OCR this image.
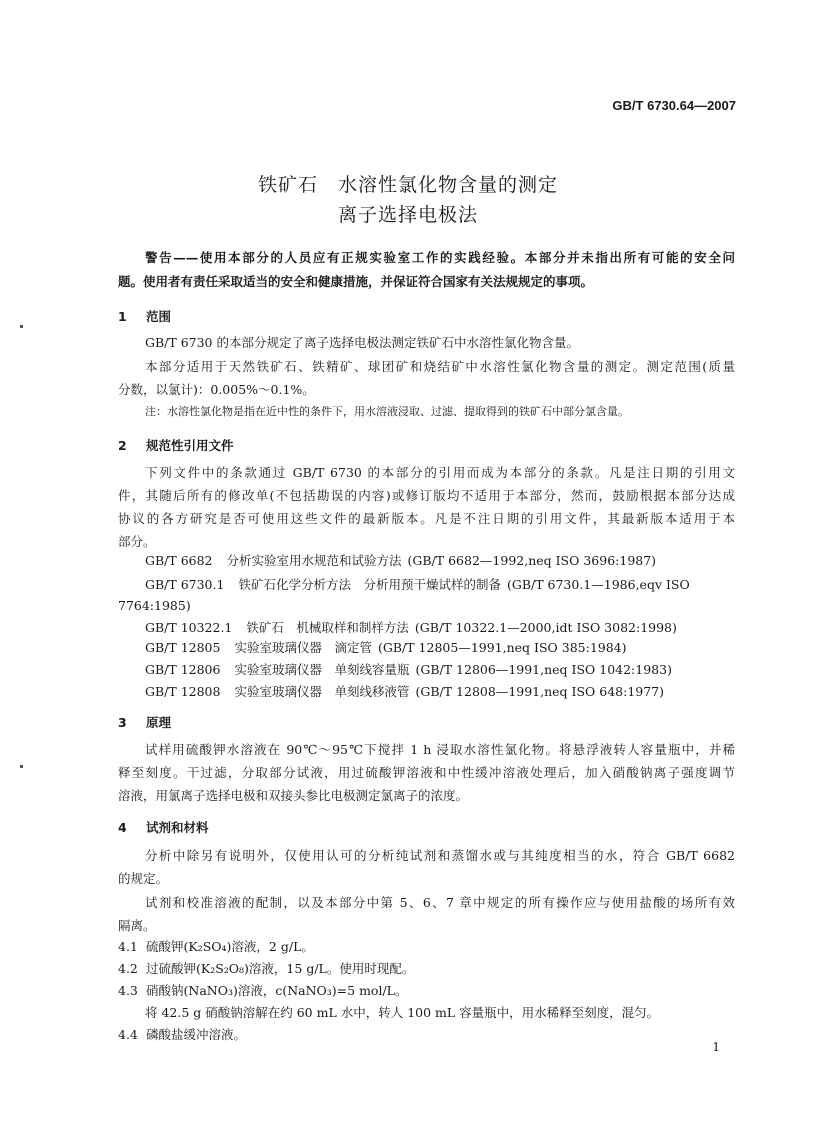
GB/T 6730.64—2007
铁矿石　水溶性氯化物含量的测定
离子选择电极法
警告——使用本部分的人员应有正规实验室工作的实践经验。本部分并未指出所有可能的安全问
题。使用者有责任采取适当的安全和健康措施，并保证符合国家有关法规规定的事项。
1 范围
GB/T 6730 的本部分规定了离子选择电极法测定铁矿石中水溶性氯化物含量。
本部分适用于天然铁矿石、铁精矿、球团矿和烧结矿中水溶性氯化物含量的测定。测定范围(质量
分数，以氯计)：0.005%～0.1%。
注：水溶性氯化物是指在近中性的条件下，用水溶液浸取、过滤、提取得到的铁矿石中部分氯含量。
2 规范性引用文件
下列文件中的条款通过 GB/T 6730 的本部分的引用而成为本部分的条款。凡是注日期的引用文
件，其随后所有的修改单(不包括勘误的内容)或修订版均不适用于本部分，然而，鼓励根据本部分达成
协议的各方研究是否可使用这些文件的最新版本。凡是不注日期的引用文件，其最新版本适用于本
部分。
GB/T 6682 分析实验室用水规范和试验方法 (GB/T 6682—1992,neq ISO 3696:1987)
GB/T 6730.1 铁矿石化学分析方法　分析用预干燥试样的制备 (GB/T 6730.1—1986,eqv ISO
7764:1985)
GB/T 10322.1 铁矿石　机械取样和制样方法 (GB/T 10322.1—2000,idt ISO 3082:1998)
GB/T 12805 实验室玻璃仪器　滴定管 (GB/T 12805—1991,neq ISO 385:1984)
GB/T 12806 实验室玻璃仪器　单刻线容量瓶 (GB/T 12806—1991,neq ISO 1042:1983)
GB/T 12808 实验室玻璃仪器　单刻线移液管 (GB/T 12808—1991,neq ISO 648:1977)
3 原理
试样用硫酸钾水溶液在 90℃～95℃下搅拌 1 h 浸取水溶性氯化物。将悬浮液转人容量瓶中，并稀
释至刻度。干过滤，分取部分试液，用过硫酸钾溶液和中性缓冲溶液处理后，加入硝酸钠离子强度调节
溶液，用氯离子选择电极和双接头参比电极测定氯离子的浓度。
4 试剂和材料
分析中除另有说明外，仅使用认可的分析纯试剂和蒸馏水或与其纯度相当的水，符合 GB/T 6682
的规定。
试剂和校准溶液的配制，以及本部分中第 5、6、7 章中规定的所有操作应与使用盐酸的场所有效
隔离。
4.1 硫酸钾(K₂SO₄)溶液，2 g/L。
4.2 过硫酸钾(K₂S₂O₈)溶液，15 g/L。使用时现配。
4.3 硝酸钠(NaNO₃)溶液，c(NaNO₃)=5 mol/L。
将 42.5 g 硝酸钠溶解在约 60 mL 水中，转人 100 mL 容量瓶中，用水稀释至刻度，混匀。
4.4 磷酸盐缓冲溶液。
1
